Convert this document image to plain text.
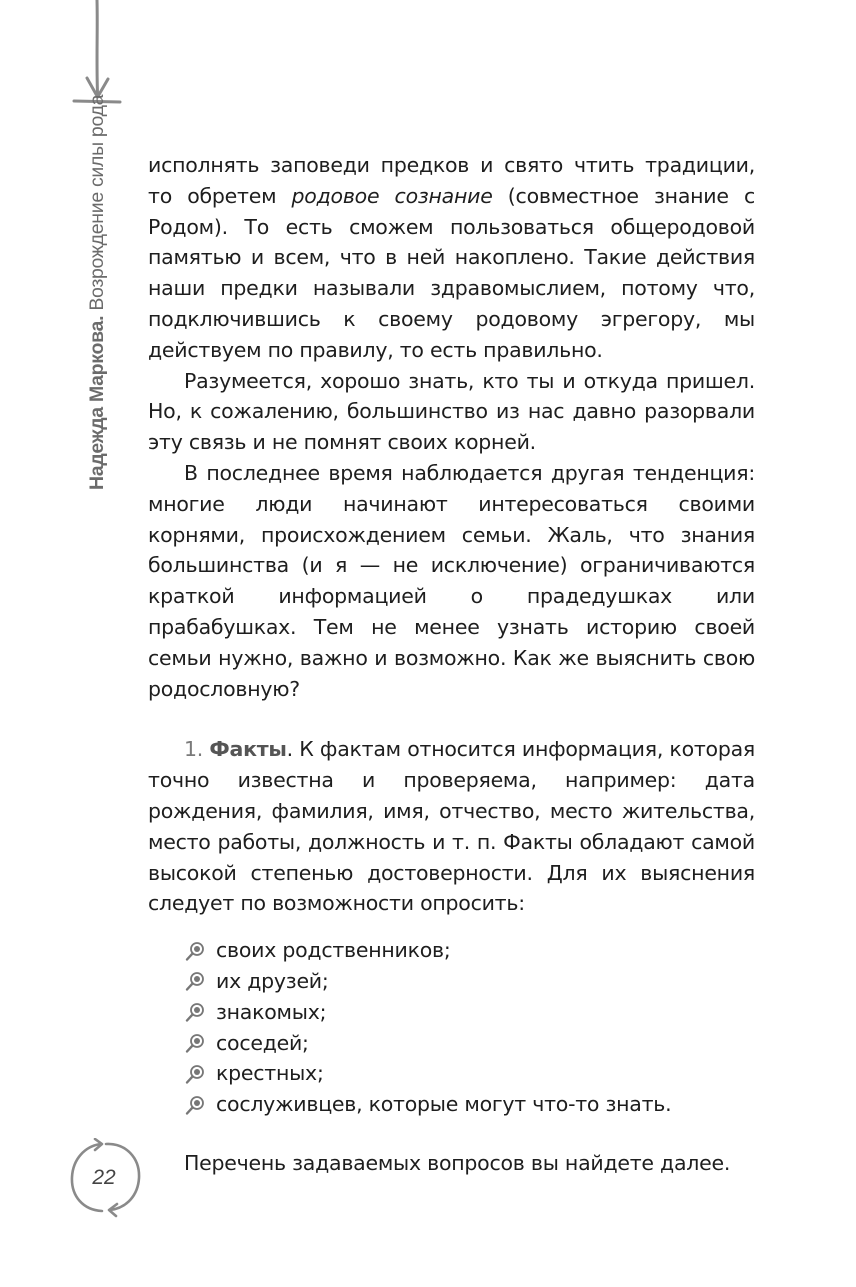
Надежда Маркова. Возрождение силы рода исполнять заповеди предков и свято чтить традиции, то обретем родовое сознание (совместное знание с Родом). То есть сможем пользоваться общеродовой памятью и всем, что в ней накоплено. Такие действия наши предки называли здравомыслием, потому что, подключившись к своему родовому эгрегору, мы действуем по правилу, то есть правильно.

Разумеется, хорошо знать, кто ты и откуда пришел. Но, к сожалению, большинство из нас давно разорвали эту связь и не помнят своих корней.

В последнее время наблюдается другая тенденция: многие люди начинают интересоваться своими корнями, происхождением семьи. Жаль, что знания большинства (и я — не исключение) ограничиваются краткой информацией о прадедушках или прабабушках. Тем не менее узнать историю своей семьи нужно, важно и возможно. Как же выяснить свою родословную?

1. Факты. К фактам относится информация, которая точно известна и проверяема, например: дата рождения, фамилия, имя, отчество, место жительства, место работы, должность и т. п. Факты обладают самой высокой степенью достоверности. Для их выяснения следует по возможности опросить:

своих родственников;
их друзей;
знакомых;
соседей;
крестных;
сослуживцев, которые могут что-то знать.

Перечень задаваемых вопросов вы найдете далее.

22
